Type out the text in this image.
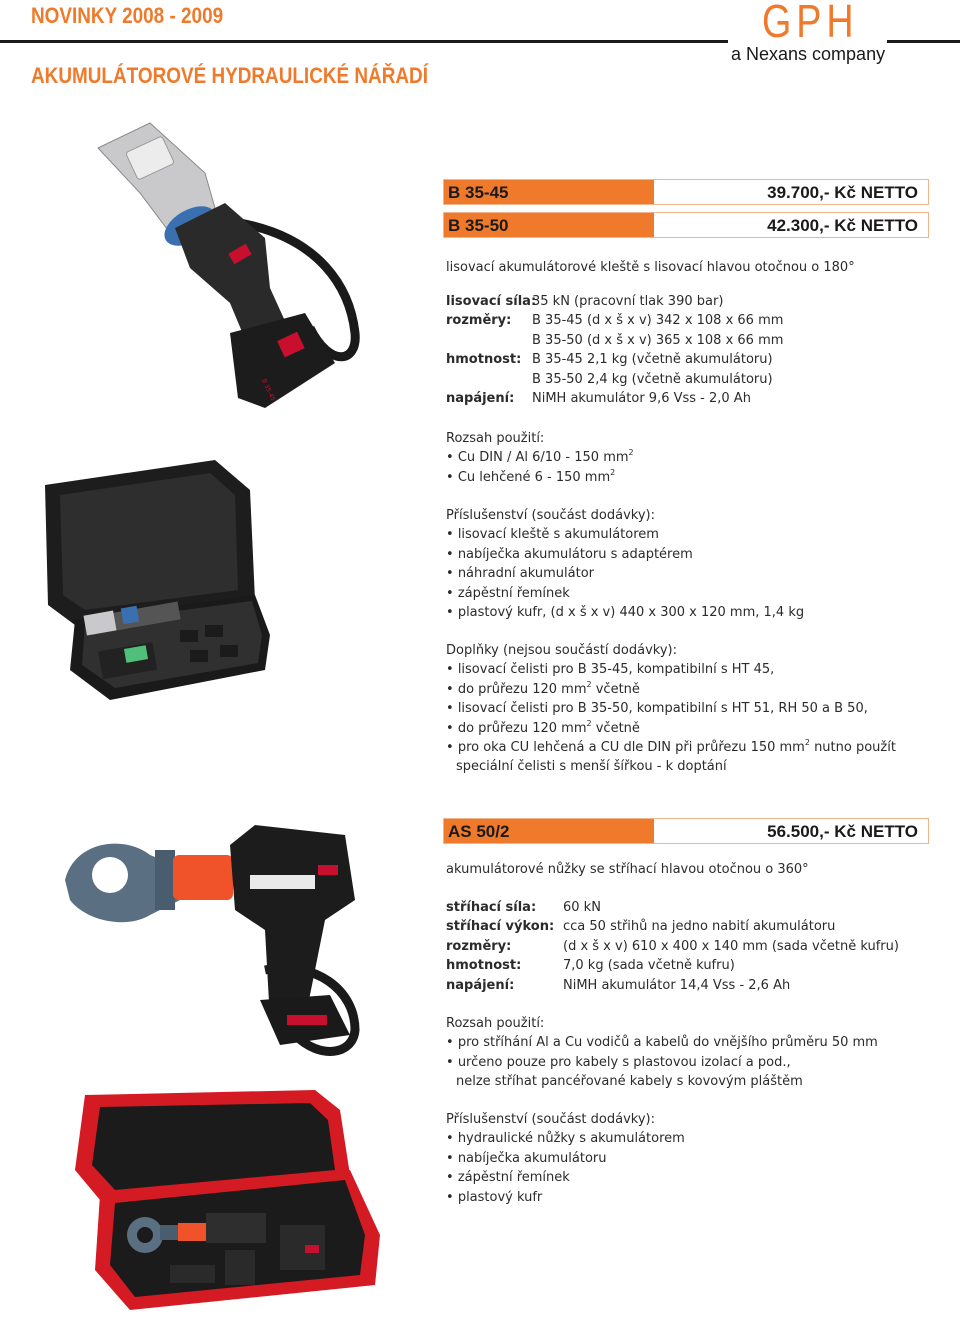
NOVINKY 2008 - 2009	GPH
a Nexans company
AKUMULÁTOROVÉ HYDRAULICKÉ NÁŘADÍ
B 35-45
B 35-45	39.700,- Kč NETTO
B 35-50	42.300,- Kč NETTO
lisovací akumulátorové kleště s lisovací hlavou otočnou o 180°
lisovací síla:
35 kN (pracovní tlak 390 bar)
rozměry:	B 35-45 (d x š x v) 342 x 108 x 66 mm
B 35-50 (d x š x v) 365 x 108 x 66 mm
hmotnost: B 35-45 2,1 kg (včetně akumulátoru)
B 35-50 2,4 kg (včetně akumulátoru)
napájení:	NiMH akumulátor 9,6 Vss - 2,0 Ah
Rozsah použití:
• Cu DIN / Al 6/10 - 150 $mm^2$
• Cu lehčené 6 - 150 $mm^2$
Příslušenství (součást dodávky):
• lisovací kleště s akumulátorem
• nabíječka akumulátoru s adaptérem
• náhradní akumulátor
• zápěstní řemínek
• plastový kufr, (d x š x v) 440 x 300 x 120 mm, 1,4 kg
Doplňky (nejsou součástí dodávky):
• lisovací čelisti pro B 35-45, kompatibilní s HT 45,
• do průřezu 120 $mm^2$ včetně
• lisovací čelisti pro B 35-50, kompatibilní s HT 51, RH 50 a B 50,
• do průřezu 120 $mm^2$ včetně
• pro oka CU lehčená a CU dle DIN při průřezu 150 $mm^2$ nutno použít
speciální čelisti s menší šířkou - k doptání
AS 50/2	56.500,- Kč NETTO
akumulátorové nůžky se stříhací hlavou otočnou o 360°
stříhací síla:	60 kN
stříhací výkon: cca 50 střihů na jedno nabití akumulátoru
rozměry:	(d x š x v) 610 x 400 x 140 mm (sada včetně kufru)
hmotnost:	7,0 kg (sada včetně kufru)
napájení:	NiMH akumulátor 14,4 Vss - 2,6 Ah
Rozsah použití:
• pro stříhání Al a Cu vodičů a kabelů do vnějšího průměru 50 mm
• určeno pouze pro kabely s plastovou izolací a pod.,
nelze stříhat pancéřované kabely s kovovým pláštěm
Příslušenství (součást dodávky):
• hydraulické nůžky s akumulátorem
• nabíječka akumulátoru
• zápěstní řemínek
• plastový kufr
